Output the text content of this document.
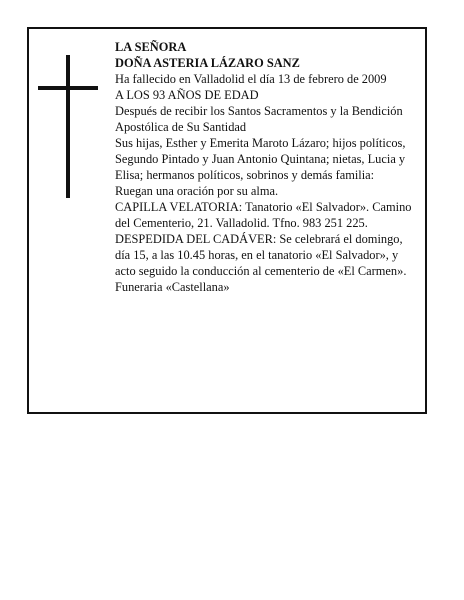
LA SEÑORA

DOÑA ASTERIA LÁZARO SANZ

Ha fallecido en Valladolid el día 13 de febrero de 2009

A LOS 93 AÑOS DE EDAD

Después de recibir los Santos Sacramentos y la Bendición Apostólica de Su Santidad

Sus hijas, Esther y Emerita Maroto Lázaro; hijos políticos, Segundo Pintado y Juan Antonio Quintana; nietas, Lucia y Elisa; hermanos políticos, sobrinos y demás familia:

Ruegan una oración por su alma.

CAPILLA VELATORIA: Tanatorio «El Salvador». Camino del Cementerio, 21. Valladolid. Tfno. 983 251 225.

DESPEDIDA DEL CADÁVER: Se celebrará el domingo, día 15, a las 10.45 horas, en el tanatorio «El Salvador», y acto seguido la conducción al cementerio de «El Carmen».

Funeraria «Castellana»
